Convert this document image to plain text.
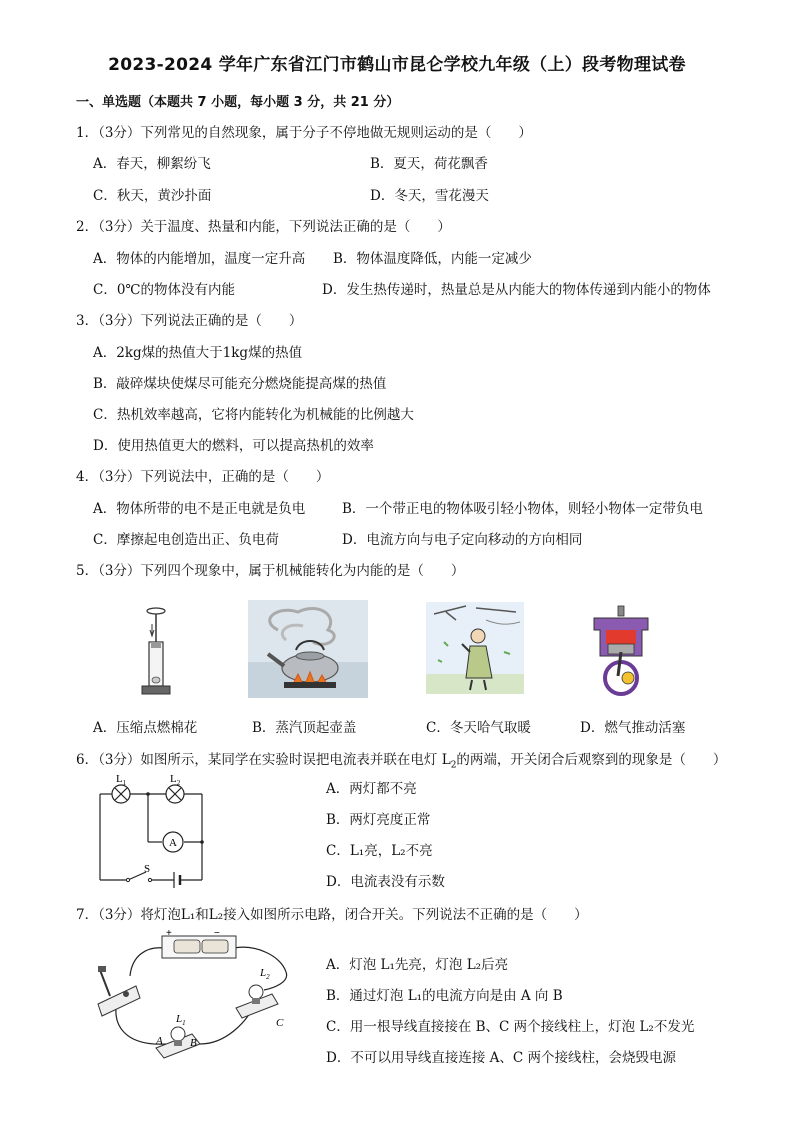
2023-2024 学年广东省江门市鹤山市昆仑学校九年级（上）段考物理试卷
一、单选题（本题共 7 小题，每小题 3 分，共 21 分）
1．（3分）下列常见的自然现象，属于分子不停地做无规则运动的是（　　）
A．春天，柳絮纷飞	B．夏天，荷花飘香
C．秋天，黄沙扑面	D．冬天，雪花漫天
2．（3分）关于温度、热量和内能，下列说法正确的是（　　）
A．物体的内能增加，温度一定升高 B．物体温度降低，内能一定减少
C．0℃的物体没有内能	D．发生热传递时，热量总是从内能大的物体传递到内能小的物体
3．（3分）下列说法正确的是（　　）
A．2kg煤的热值大于1kg煤的热值
B．敲碎煤块使煤尽可能充分燃烧能提高煤的热值
C．热机效率越高，它将内能转化为机械能的比例越大
D．使用热值更大的燃料，可以提高热机的效率
4．（3分）下列说法中，正确的是（　　）
A．物体所带的电不是正电就是负电	B．一个带正电的物体吸引轻小物体，则轻小物体一定带负电
C．摩擦起电创造出正、负电荷	D．电流方向与电子定向移动的方向相同
5．（3分）下列四个现象中，属于机械能转化为内能的是（　　）
A．压缩点燃棉花	B．蒸汽顶起壶盖	C．冬天哈气取暖	D．燃气推动活塞
6．（3分）如图所示，某同学在实验时误把电流表并联在电灯 $L_2$的两端，开关闭合后观察到的现象是（　　）
$L_1$	$L_2$
A
S
A．两灯都不亮
B．两灯亮度正常
C．L₁亮，L₂不亮
D．电流表没有示数
7．（3分）将灯泡L₁和L₂接入如图所示电路，闭合开关。下列说法不正确的是（　　）
+	−
$L_2$
C
$L_1$
A B
A．灯泡 L₁先亮，灯泡 L₂后亮
B．通过灯泡 L₁的电流方向是由 A 向 B
C．用一根导线直接接在 B、C 两个接线柱上，灯泡 L₂不发光
D．不可以用导线直接连接 A、C 两个接线柱，会烧毁电源
